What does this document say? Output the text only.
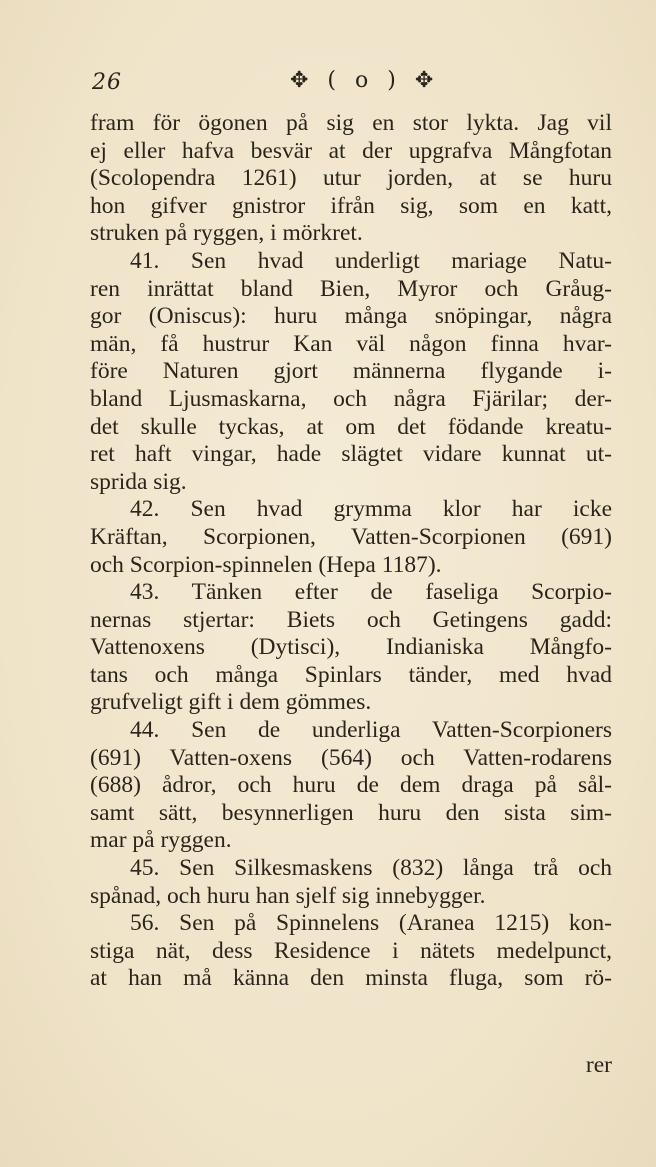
26	✥ ( o ) ✥
fram för ögonen på sig en stor lykta. Jag vil
ej eller hafva besvär at der upgrafva Mångfotan
(Scolopendra 1261) utur jorden, at se huru
hon gifver gnistror ifrån sig, som en katt,
struken på ryggen, i mörkret.
41. Sen hvad underligt mariage Natu-
ren inrättat bland Bien, Myror och Gråug-
gor (Oniscus): huru många snöpingar, några
män, få hustrur Kan väl någon finna hvar-
före Naturen gjort männerna flygande i-
bland Ljusmaskarna, och några Fjärilar; der-
det skulle tyckas, at om det födande kreatu-
ret haft vingar, hade slägtet vidare kunnat ut-
sprida sig.
42. Sen hvad grymma klor har icke
Kräftan, Scorpionen, Vatten-Scorpionen (691)
och Scorpion-spinnelen (Hepa 1187).
43. Tänken efter de faseliga Scorpio-
nernas stjertar: Biets och Getingens gadd:
Vattenoxens (Dytisci), Indianiska Mångfo-
tans och många Spinlars tänder, med hvad
grufveligt gift i dem gömmes.
44. Sen de underliga Vatten-Scorpioners
(691) Vatten-oxens (564) och Vatten-rodarens
(688) ådror, och huru de dem draga på sål-
samt sätt, besynnerligen huru den sista sim-
mar på ryggen.
45. Sen Silkesmaskens (832) långa trå och
spånad, och huru han sjelf sig innebygger.
56. Sen på Spinnelens (Aranea 1215) kon-
stiga nät, dess Residence i nätets medelpunct,
at han må känna den minsta fluga, som rö-
rer
